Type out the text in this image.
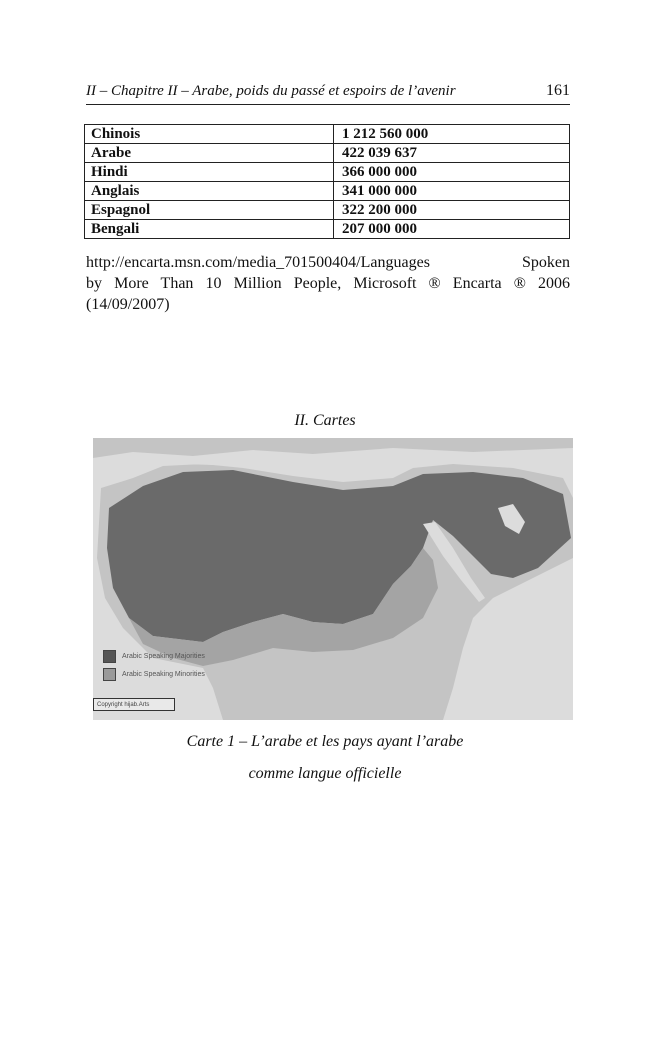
II – Chapitre II – Arabe, poids du passé et espoirs de l’avenir	161
Chinois	1 212 560 000
Arabe	422 039 637
Hindi	366 000 000
Anglais	341 000 000
Espagnol	322 200 000
Bengali	207 000 000
http://encarta.msn.com/media_701500404/Languages Spoken
by More Than 10 Million People, Microsoft ® Encarta ® 2006
(14/09/2007)
II. Cartes
Arabic Speaking Majorities
Arabic Speaking Minorities
Copyright hijab.Arts
Carte 1 – L’arabe et les pays ayant l’arabe
comme langue officielle
